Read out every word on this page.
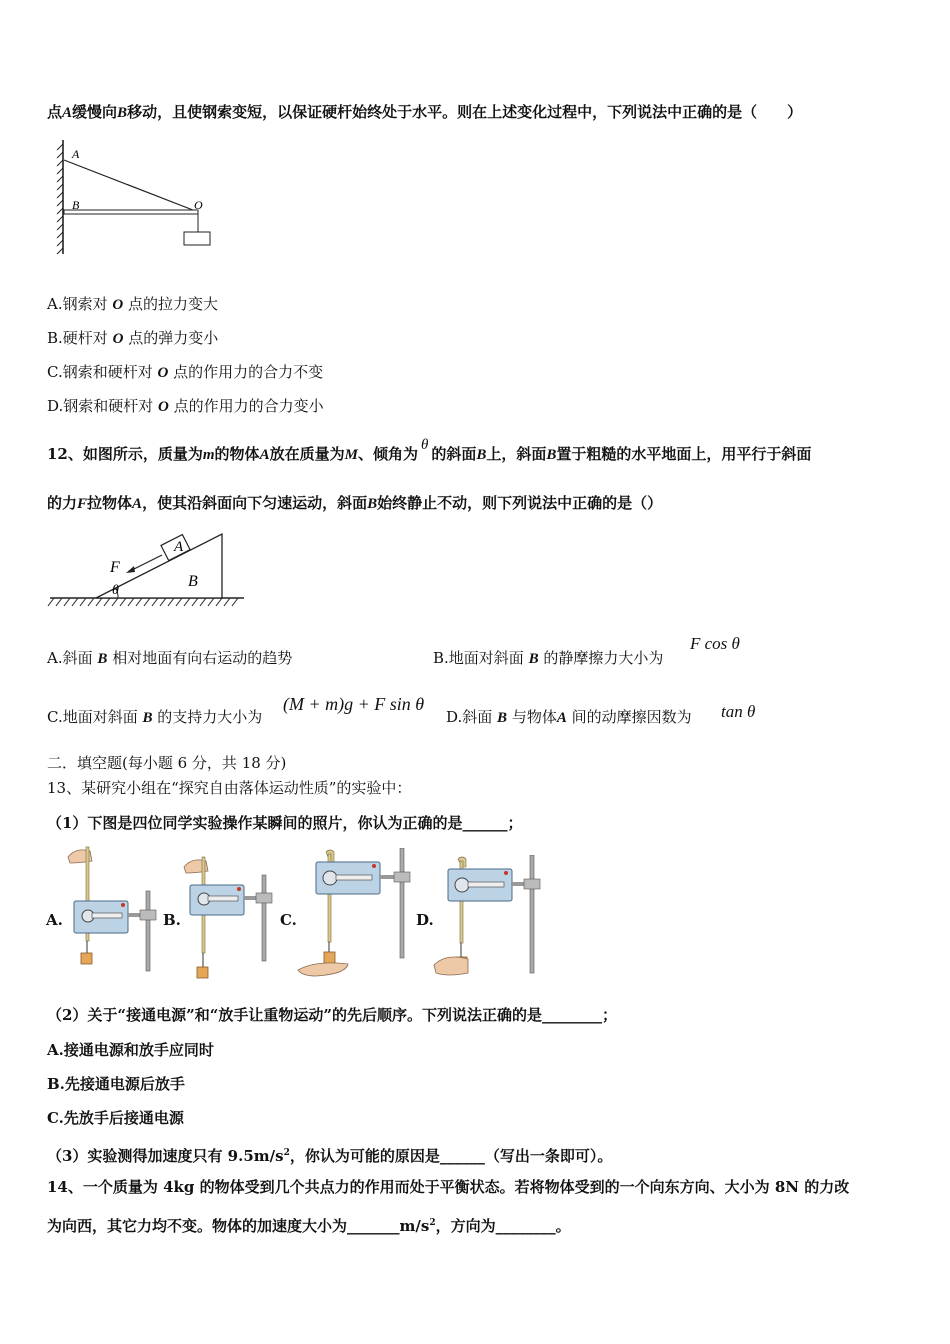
点A缓慢向B移动，且使钢索变短，以保证硬杆始终处于水平。则在上述变化过程中，下列说法中正确的是（　　）
A
B	O
A.钢索对 O 点的拉力变大
B.硬杆对 O 点的弹力变小
C.钢索和硬杆对 O 点的作用力的合力不变
D.钢索和硬杆对 O 点的作用力的合力变小
12、如图所示，质量为m的物体A放在质量为M、倾角为 θ 的斜面B上，斜面B置于粗糙的水平地面上，用平行于斜面
的力F拉物体A，使其沿斜面向下匀速运动，斜面B始终静止不动，则下列说法中正确的是（）
A
B
F
θ
A.斜面 B 相对地面有向右运动的趋势	B.地面对斜面 B 的静摩擦力大小为
F cos θ
C.地面对斜面 B 的支持力大小为
(M + m)g + F sin θ
D.斜面 B 与物体A 间的动摩擦因数为 tan θ
二．填空题(每小题 6 分，共 18 分)
13、某研究小组在“探究自由落体运动性质”的实验中：
（1）下图是四位同学实验操作某瞬间的照片，你认为正确的是______；
A.	B.	C.	D.
（2）关于“接通电源”和“放手让重物运动”的先后顺序。下列说法正确的是________；
A.接通电源和放手应同时
B.先接通电源后放手
C.先放手后接通电源
（3）实验测得加速度只有 $9.5m/s^2$，你认为可能的原因是______（写出一条即可）。
14、一个质量为 4kg 的物体受到几个共点力的作用而处于平衡状态。若将物体受到的一个向东方向、大小为 8N 的力改
为向西，其它力均不变。物体的加速度大小为$\_\_\_\_\_\_\_m/s^2$，方向为________。
